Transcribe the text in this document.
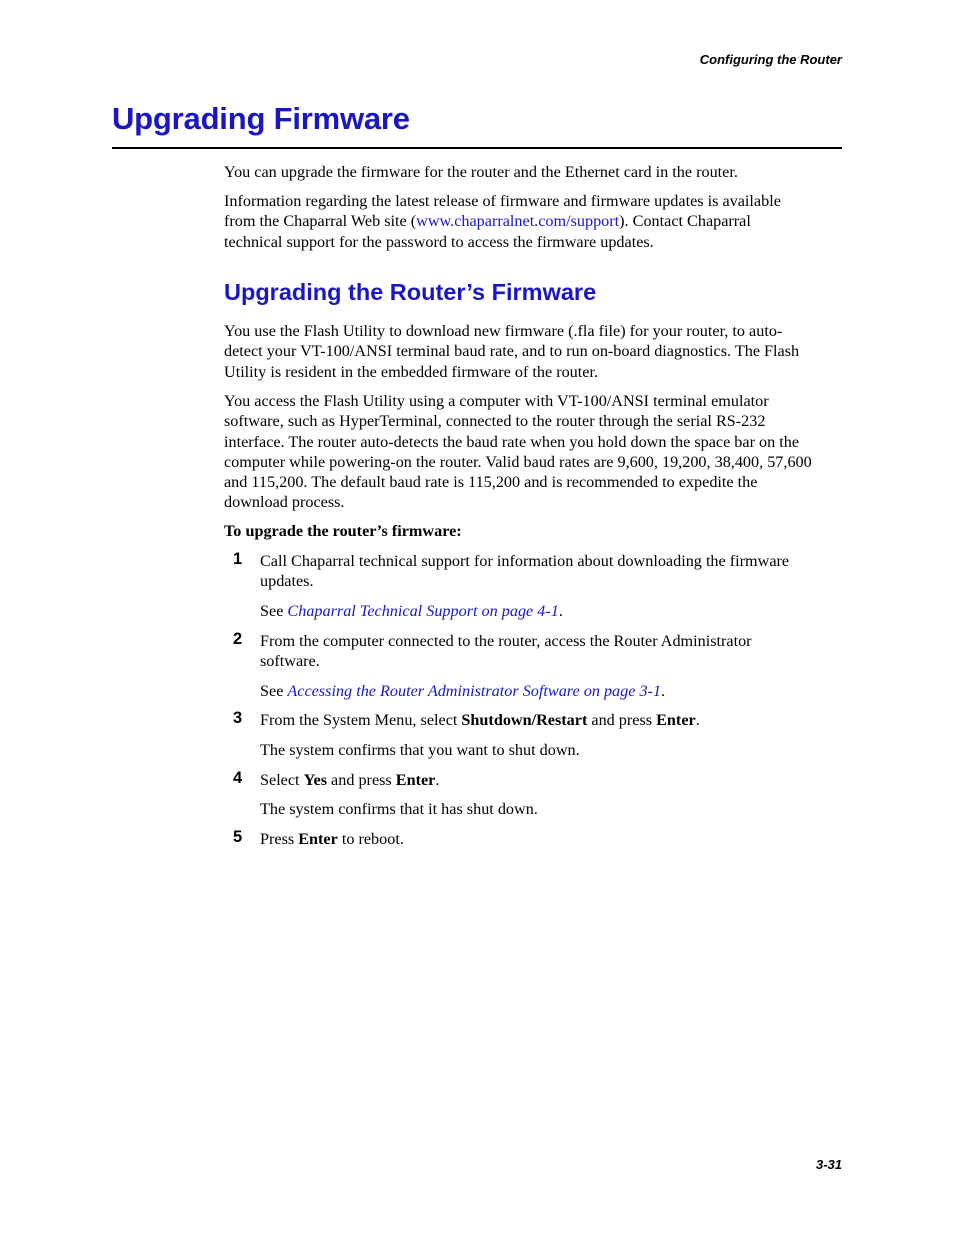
Configuring the Router
Upgrading Firmware

You can upgrade the firmware for the router and the Ethernet card in the router.

Information regarding the latest release of firmware and firmware updates is available
from the Chaparral Web site (www.chaparralnet.com/support). Contact Chaparral
technical support for the password to access the firmware updates.
Upgrading the Router’s Firmware
You use the Flash Utility to download new firmware (.fla file) for your router, to auto-
detect your VT-100/ANSI terminal baud rate, and to run on-board diagnostics. The Flash
Utility is resident in the embedded firmware of the router.
You access the Flash Utility using a computer with VT-100/ANSI terminal emulator
software, such as HyperTerminal, connected to the router through the serial RS-232
interface. The router auto-detects the baud rate when you hold down the space bar on the
computer while powering-on the router. Valid baud rates are 9,600, 19,200, 38,400, 57,600
and 115,200. The default baud rate is 115,200 and is recommended to expedite the
download process.
To upgrade the router’s firmware:
1 Call Chaparral technical support for information about downloading the firmware
updates.
See Chaparral Technical Support on page 4-1.
2 From the computer connected to the router, access the Router Administrator
software.
See Accessing the Router Administrator Software on page 3-1.
3 From the System Menu, select Shutdown/Restart and press Enter.
The system confirms that you want to shut down.
4 Select Yes and press Enter.
The system confirms that it has shut down.
5 Press Enter to reboot.
3-31
